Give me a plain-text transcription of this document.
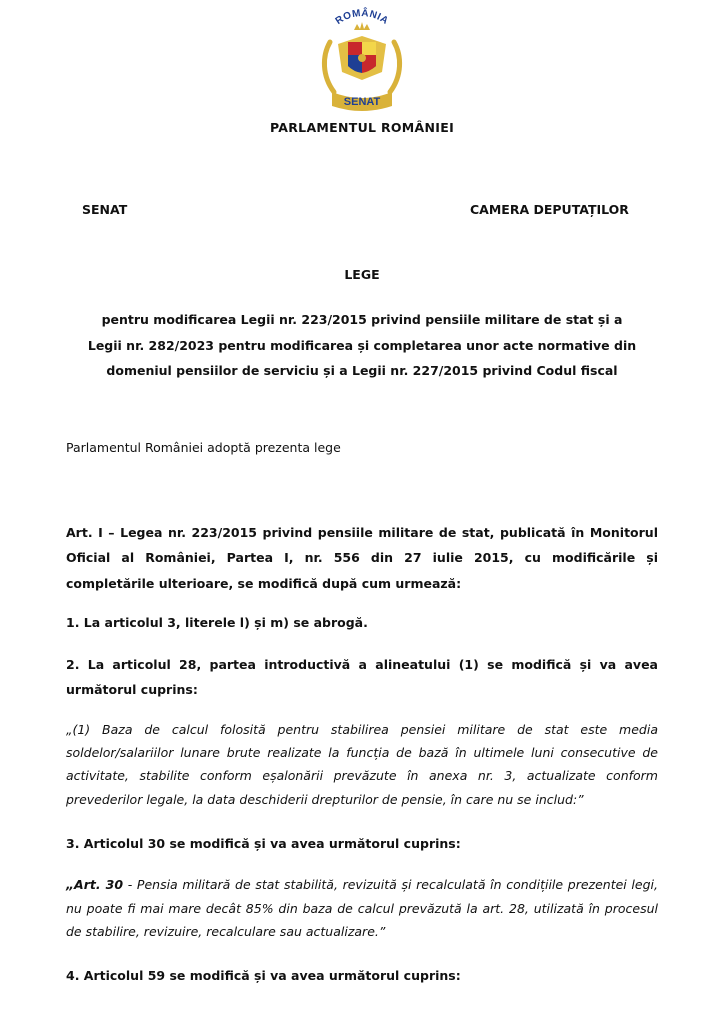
ROMÂNIA
SENAT
PARLAMENTUL ROMÂNIEI
SENAT	CAMERA DEPUTAȚILOR
LEGE
pentru modificarea Legii nr. 223/2015 privind pensiile militare de stat și a
Legii nr. 282/2023 pentru modificarea și completarea unor acte normative din
domeniul pensiilor de serviciu și a Legii nr. 227/2015 privind Codul fiscal
Parlamentul României adoptă prezenta lege
Art. I – Legea nr. 223/2015 privind pensiile militare de stat, publicată în Monitorul Oficial al României, Partea I, nr. 556 din 27 iulie 2015, cu modificările și completările ulterioare, se modifică după cum urmează:
1. La articolul 3, literele l) și m) se abrogă.
2. La articolul 28, partea introductivă a alineatului (1) se modifică și va avea următorul cuprins:
„(1) Baza de calcul folosită pentru stabilirea pensiei militare de stat este media soldelor/salariilor lunare brute realizate la funcția de bază în ultimele luni consecutive de activitate, stabilite conform eșalonării prevăzute în anexa nr. 3, actualizate conform prevederilor legale, la data deschiderii drepturilor de pensie, în care nu se includ:”
3. Articolul 30 se modifică și va avea următorul cuprins:
„Art. 30 - Pensia militară de stat stabilită, revizuită și recalculată în condițiile prezentei legi, nu poate fi mai mare decât 85% din baza de calcul prevăzută la art. 28, utilizată în procesul de stabilire, revizuire, recalculare sau actualizare.”
4. Articolul 59 se modifică și va avea următorul cuprins:
